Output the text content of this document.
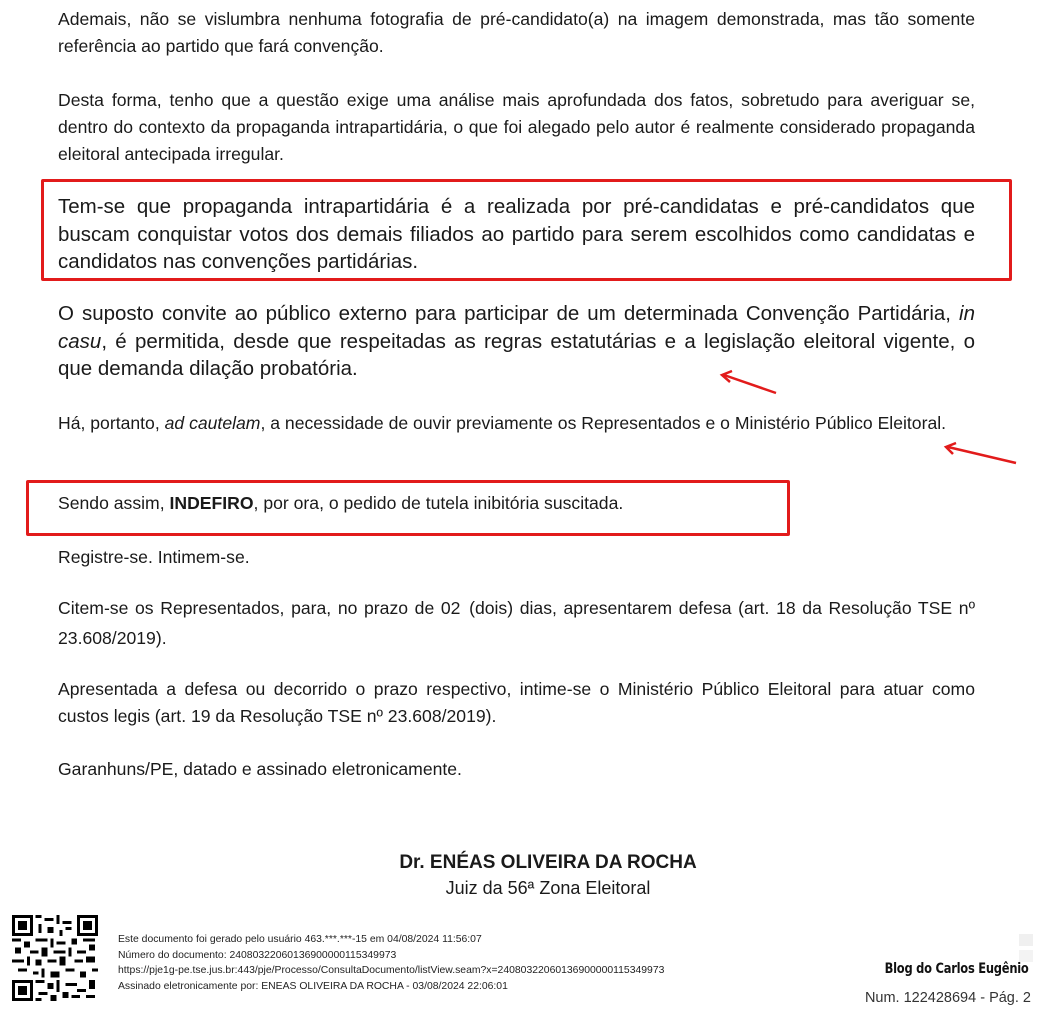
Ademais, não se vislumbra nenhuma fotografia de pré-candidato(a) na imagem demonstrada, mas tão somente referência ao partido que fará convenção.
Desta forma, tenho que a questão exige uma análise mais aprofundada dos fatos, sobretudo para averiguar se, dentro do contexto da propaganda intrapartidária, o que foi alegado pelo autor é realmente considerado propaganda eleitoral antecipada irregular.
Tem-se que propaganda intrapartidária é a realizada por pré-candidatas e pré-candidatos que buscam conquistar votos dos demais filiados ao partido para serem escolhidos como candidatas e candidatos nas convenções partidárias.
O suposto convite ao público externo para participar de um determinada Convenção Partidária, in casu, é permitida, desde que respeitadas as regras estatutárias e a legislação eleitoral vigente, o que demanda dilação probatória.
Há, portanto, ad cautelam, a necessidade de ouvir previamente os Representados e o Ministério Público Eleitoral.
Sendo assim, INDEFIRO, por ora, o pedido de tutela inibitória suscitada.
Registre-se. Intimem-se.
Citem-se os Representados, para, no prazo de 02 (dois) dias, apresentarem defesa (art. 18 da Resolução TSE nº 23.608/2019).
Apresentada a defesa ou decorrido o prazo respectivo, intime-se o Ministério Público Eleitoral para atuar como custos legis (art. 19 da Resolução TSE nº 23.608/2019).
Garanhuns/PE, datado e assinado eletronicamente.
Dr. ENÉAS OLIVEIRA DA ROCHA
Juiz da 56ª Zona Eleitoral
Este documento foi gerado pelo usuário 463.***.***-15 em 04/08/2024 11:56:07
Número do documento: 24080322060136900000115349973
https://pje1g-pe.tse.jus.br:443/pje/Processo/ConsultaDocumento/listView.seam?x=24080322060136900000115349973
Assinado eletronicamente por: ENEAS OLIVEIRA DA ROCHA - 03/08/2024 22:06:01
Blog do Carlos Eugênio
Num. 122428694 - Pág. 2
